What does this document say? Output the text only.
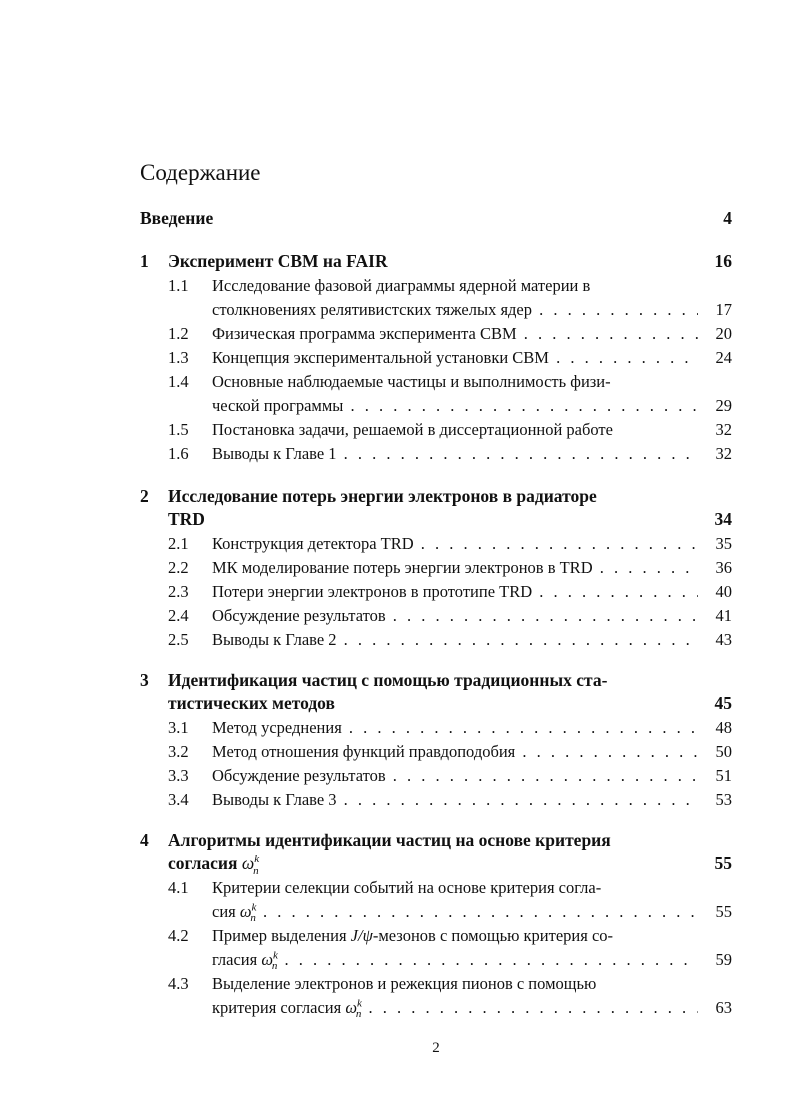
Содержание
Введение	4
1 Эксперимент CBM на FAIR	16
1.1 Исследование фазовой диаграммы ядерной материи в
столкновениях релятивистских тяжелых ядер . . .	17
1.2 Физическая программа эксперимента CBM . . .	20
1.3 Концепция экспериментальной установки CBM . . .	24
1.4 Основные наблюдаемые частицы и выполнимость физи-
ческой программы . . .	29
1.5 Постановка задачи, решаемой в диссертационной работе	32
1.6 Выводы к Главе 1 . . .	32
2 Исследование потерь энергии электронов в радиаторе
TRD	34
2.1 Конструкция детектора TRD . . .	35
2.2 МК моделирование потерь энергии электронов в TRD . . .	36
2.3 Потери энергии электронов в прототипе TRD . . .	40
2.4 Обсуждение результатов . . .	41
2.5 Выводы к Главе 2 . . .	43
3 Идентификация частиц с помощью традиционных ста-
тистических методов	45
3.1 Метод усреднения . . .	48
3.2 Метод отношения функций правдоподобия . . .	50
3.3 Обсуждение результатов . . .	51
3.4 Выводы к Главе 3 . . .	53
4 Алгоритмы идентификации частиц на основе критерия
согласия $\omega^k_n$	55
4.1 Критерии селекции событий на основе критерия согла-
сия $\omega^k_n$ . . .	55
4.2 Пример выделения J/ψ-мезонов с помощью критерия со-
гласия $\omega^k_n$ . . .	59
4.3 Выделение электронов и режекция пионов с помощью
критерия согласия $\omega^k_n$ . . .	63
2
